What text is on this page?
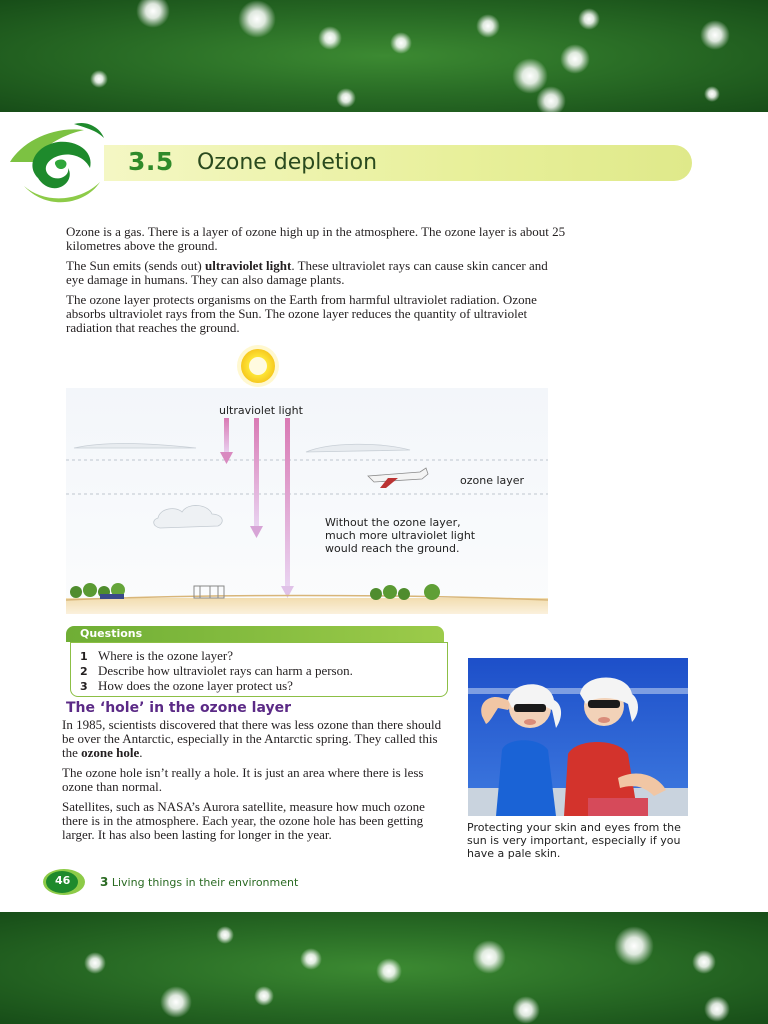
3.5 Ozone depletion

Ozone is a gas. There is a layer of ozone high up in the atmosphere. The ozone layer is about 25 kilometres above the ground.

The Sun emits (sends out) ultraviolet light. These ultraviolet rays can cause skin cancer and eye damage in humans. They can also damage plants.

The ozone layer protects organisms on the Earth from harmful ultraviolet radiation. Ozone absorbs ultraviolet rays from the Sun. The ozone layer reduces the quantity of ultraviolet radiation that reaches the ground.

ultraviolet light
ozone layer
Without the ozone layer,
much more ultraviolet light
would reach the ground.
Questions
1 Where is the ozone layer?
2 Describe how ultraviolet rays can harm a person.
3 How does the ozone layer protect us?
The ‘hole’ in the ozone layer

In 1985, scientists discovered that there was less ozone than there should be over the Antarctic, especially in the Antarctic spring. They called this the ozone hole.

The ozone hole isn’t really a hole. It is just an area where there is less ozone than normal.

Satellites, such as NASA’s Aurora satellite, measure how much ozone there is in the atmosphere. Each year, the ozone hole has been getting larger. It has also been lasting for longer in the year.	Protecting your skin and eyes from the sun is very important, especially if you have a pale skin.
46 3 Living things in their environment
